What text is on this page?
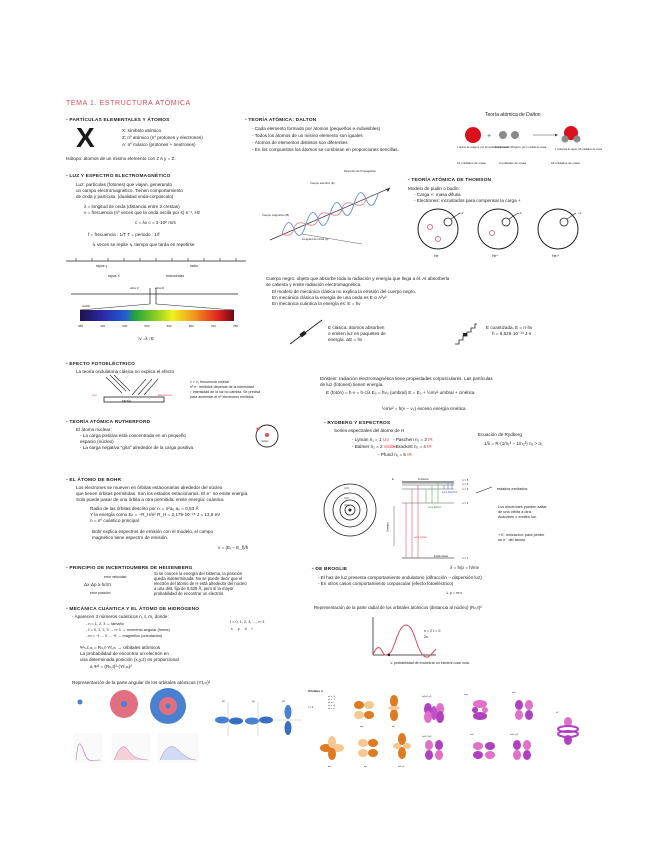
TEMA 1. ESTRUCTURA ATÓMICA
• PARTÍCULAS ELEMENTALES Y ÁTOMOS
X	X: símbolo atómico
Z: nº atómico (nº protones y electrones)
A: nº másico (protones + neutrones)
Isótopo: átomos de un mismo elemento con ≠ A y = Z.
• TEORÍA ATÓMICA: DALTON
- Cada elemento formado por átomos (pequeños e indivisibles)
- Todos los átomos de un mismo elemento son iguales
- Átomos de elementos distintos son diferentes
- En los compuestos los átomos se combinan en proporciones sencillas.
Teoría atómica de Dalton
+
1 átomo de oxígeno, por 16 unidades de masa
2 átomos de hidrógeno, por 1 unidad de masa
1 molécula de agua, 18 unidades de masa
16 unidades de masa	2 unidades de masa	18 unidades de masa
• LUZ Y ESPECTRO ELECTROMAGNÉTICO
Luz: partículas (fotones) que viajan, generando
un campo electromagnético. Tienen comportamiento
de onda y partícula. (dualidad onda-corpúsculo)
λ = longitud de onda (distancia entre 2 crestas)
ν = frecuencia (nº veces que la onda oscila por s) s⁻¹, Hz
c = λν c = 3·10⁸ m/s
f = frecuencia : 1/T T = periodo : 1/f
↳ veces se repite ↳ tiempo que tarda en repetirse
rayos γ	radio
rayos X	microondas
ultra V.	infra R.
visible
380	420	500	560	600	650	700	780
↑ν ↓λ ↑E
Campo eléctrico (E)
Dirección de Propagación
Campo magnético (B)
Longitud de Onda (λ)
• TEORÍA ATÓMICA DE THOMSON
Modelo de pudin o budín:
- Carga +: masa difusa
- Electrones: incrustados para compensar la carga +
+2	+2	+2
He	He⁺	He²⁺
Cuerpo negro: objeto que absorbe toda la radiación y energía que llega a él. Al absorberla
se calienta y emite radiación electromagnética.
El modelo de mecánica clásica no explica la emisión del cuerpo negro.
En mecánica clásica la energía de una onda es E α A²ν²
En mecánica cuántica la energía es: E = hν
E clásica: átomos absorben
o emiten luz en paquetes de
energía. ΔE = hν
E cuantizada, E = n·hν
h = 6,626·10⁻³⁴ J·s
• EFECTO FOTOELÉCTRICO
La teoría ondulatoria clásica no explica el efecto
Luz	Electrones
METAL
ν > ν₀ frecuencia umbral
nº e⁻ emitidos depende de la intensidad
↑ intensidad de la luz no cambia. Se precisa
para aumentar el nº electrones emitidos.
Einstein: radiación electromagnética tiene propiedades corpusculares. Las partículas
de luz (fotones) tienen energía.
E (fotón) = h·ν = h·c/λ E₀ = hν₀ (umbral) E = E₀ + ½mv² umbral + cinética
½mv² = h(ν − ν₀) exceso energía cinética
• TEORÍA ATÓMICA RUTHERFORD
El átomo nuclear:
- La carga positiva está concentrada en un pequeño
espacio (núcleo)
- La carga negativa "gira" alrededor de la carga positiva.
núcleo
• RYDBERG Y ESPECTROS
Series espectrales del átomo de H
- Lyman n₁ = 1 UV - Paschen n₁ = 3 IR
- Balmer n₁ = 2 visible
- Brackett n₁ = 4 IR
- Pfund n₁ = 5 IR
Ecuación de Rydberg
1/λ = R·(1/n₁² − 1/n₂²) n₂ > n₁
• EL ÁTOMO DE BOHR
Los electrones se mueven en órbitas estacionarias alrededor del núcleo
que tienen órbitas permitidas. Son los estados estacionarios. El e⁻ no emite energía.
Solo puede pasar de una órbita a otra permitida: emite energía: cuántica
Radio de las órbitas descrito por rₙ = n²a₀ a₀ = 0,53 Å
Y la energía como Eₙ = −R_H/n² R_H = 2,179·10⁻¹⁸ J = 13,6 eV
n = nº cuántico principal
Bohr explica espectros de emisión con el modelo, el campo
magnético tiene espectro de emisión.
ν = (Eᵢ − E_f)/h
n=3
n=2
n=1
Ionización
serie Paschen
serie Balmer
serie Lyman
Estado basal
Energía
E	n = 5
n = 4
n = 3
n = 2
n = 1
estados excitados
Los electrones pueden saltar
de una órbita a otra.
Absorben o emiten luz.
+ E. ionización: para perder
un e⁻ del átomo.
• PRINCIPIO DE INCERTIDUMBRE DE HEISENBERG
Δx·Δp ≥ h/4π
error velocidad
error posición
Si se conoce la energía del sistema, la posición
queda indeterminada. No se puede decir que el
electrón del átomo de H está alrededor del núcleo
a una dist. fija de 0,529 Å, pero sí la mayor
probabilidad de encontrar un electrón.
• DE BROGLIE	λ = h/p = h/mv
- El haz de luz presenta comportamiento ondulatorio (difracción − dispersión luz)
- En otros casos comportamiento corpuscular (efecto fotoeléctrico)
↳ p = m·c
• MECÁNICA CUÁNTICA Y EL ÁTOMO DE HIDRÓGENO
- Aparecen 3 números cuánticos n, ℓ, m, donde:
- n = 1, 2, 3 → tamaño
- ℓ = 0, 1, 2, 3 … n−1 → momento angular (forma)
- m = −ℓ … 0 … +ℓ → magnético (orientación)
ℓ = 0, 1, 2, 3, …, n−1
s p d f
Ψₙ,ℓ,ₘ = Rₙ,ℓ·Yℓ,ₘ → orbitales atómicos
La probabilidad de encontrar un electrón en
una determinada posición (x,y,z) es proporcional
a Ψ² = (Rₙ,ℓ)²·(Yℓ,ₘ)²
Representación de la parte radial de los orbitales atómicos (distancia al núcleo) (Rₙ,ℓ)²
n = 2 ℓ = 0
2s
↳ probabilidad de encontrar un electrón casi nula.
Representación de la parte angular de los orbitales atómicos (Yℓ,ₘ)²
px	py	pz
Orbitales d
ℓ = 2
mℓ = −2
mℓ = −1
mℓ = 0
mℓ = +1
mℓ = +2
dxy	dz²
dxz	dyz	dx²−y²
fy(3x²−y²)
fxyz
fyz²
fz³
fx(x²−3y²)
fxz²	fz(x²−y²)
